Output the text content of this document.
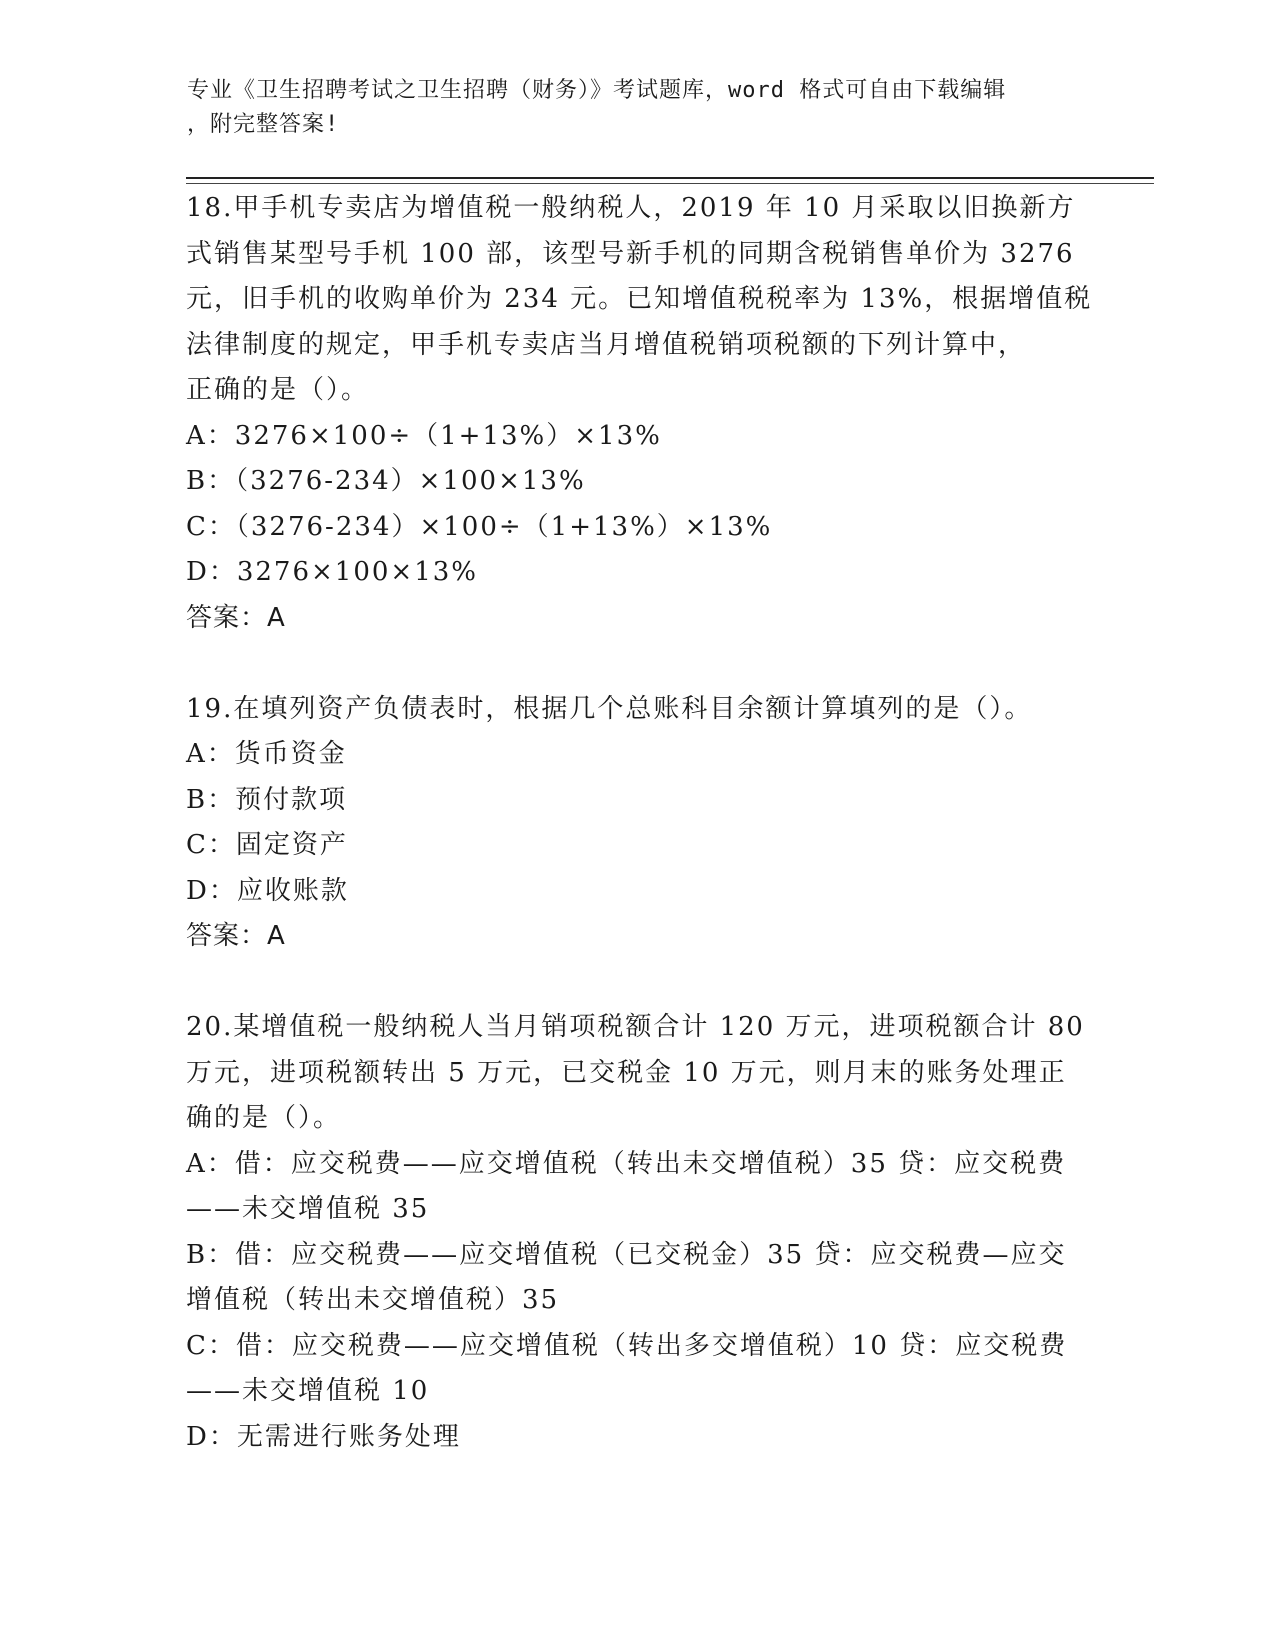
专业《卫生招聘考试之卫生招聘（财务）》考试题库，word 格式可自由下载编辑
，附完整答案!
18.甲手机专卖店为增值税一般纳税人，2019 年 10 月采取以旧换新方
式销售某型号手机 100 部，该型号新手机的同期含税销售单价为 3276
元，旧手机的收购单价为 234 元。已知增值税税率为 13%，根据增值税
法律制度的规定，甲手机专卖店当月增值税销项税额的下列计算中，
正确的是（）。
A：3276×100÷（1+13%）×13%
B：（3276-234）×100×13%
C：（3276-234）×100÷（1+13%）×13%
D：3276×100×13%
答案：A
19.在填列资产负债表时，根据几个总账科目余额计算填列的是（）。
A：货币资金
B：预付款项
C：固定资产
D：应收账款
答案：A
20.某增值税一般纳税人当月销项税额合计 120 万元，进项税额合计 80
万元，进项税额转出 5 万元，已交税金 10 万元，则月末的账务处理正
确的是（）。
A：借：应交税费——应交增值税（转出未交增值税）35 贷：应交税费
——未交增值税 35
B：借：应交税费——应交增值税（已交税金）35 贷：应交税费—应交
增值税（转出未交增值税）35
C：借：应交税费——应交增值税（转出多交增值税）10 贷：应交税费
——未交增值税 10
D：无需进行账务处理
